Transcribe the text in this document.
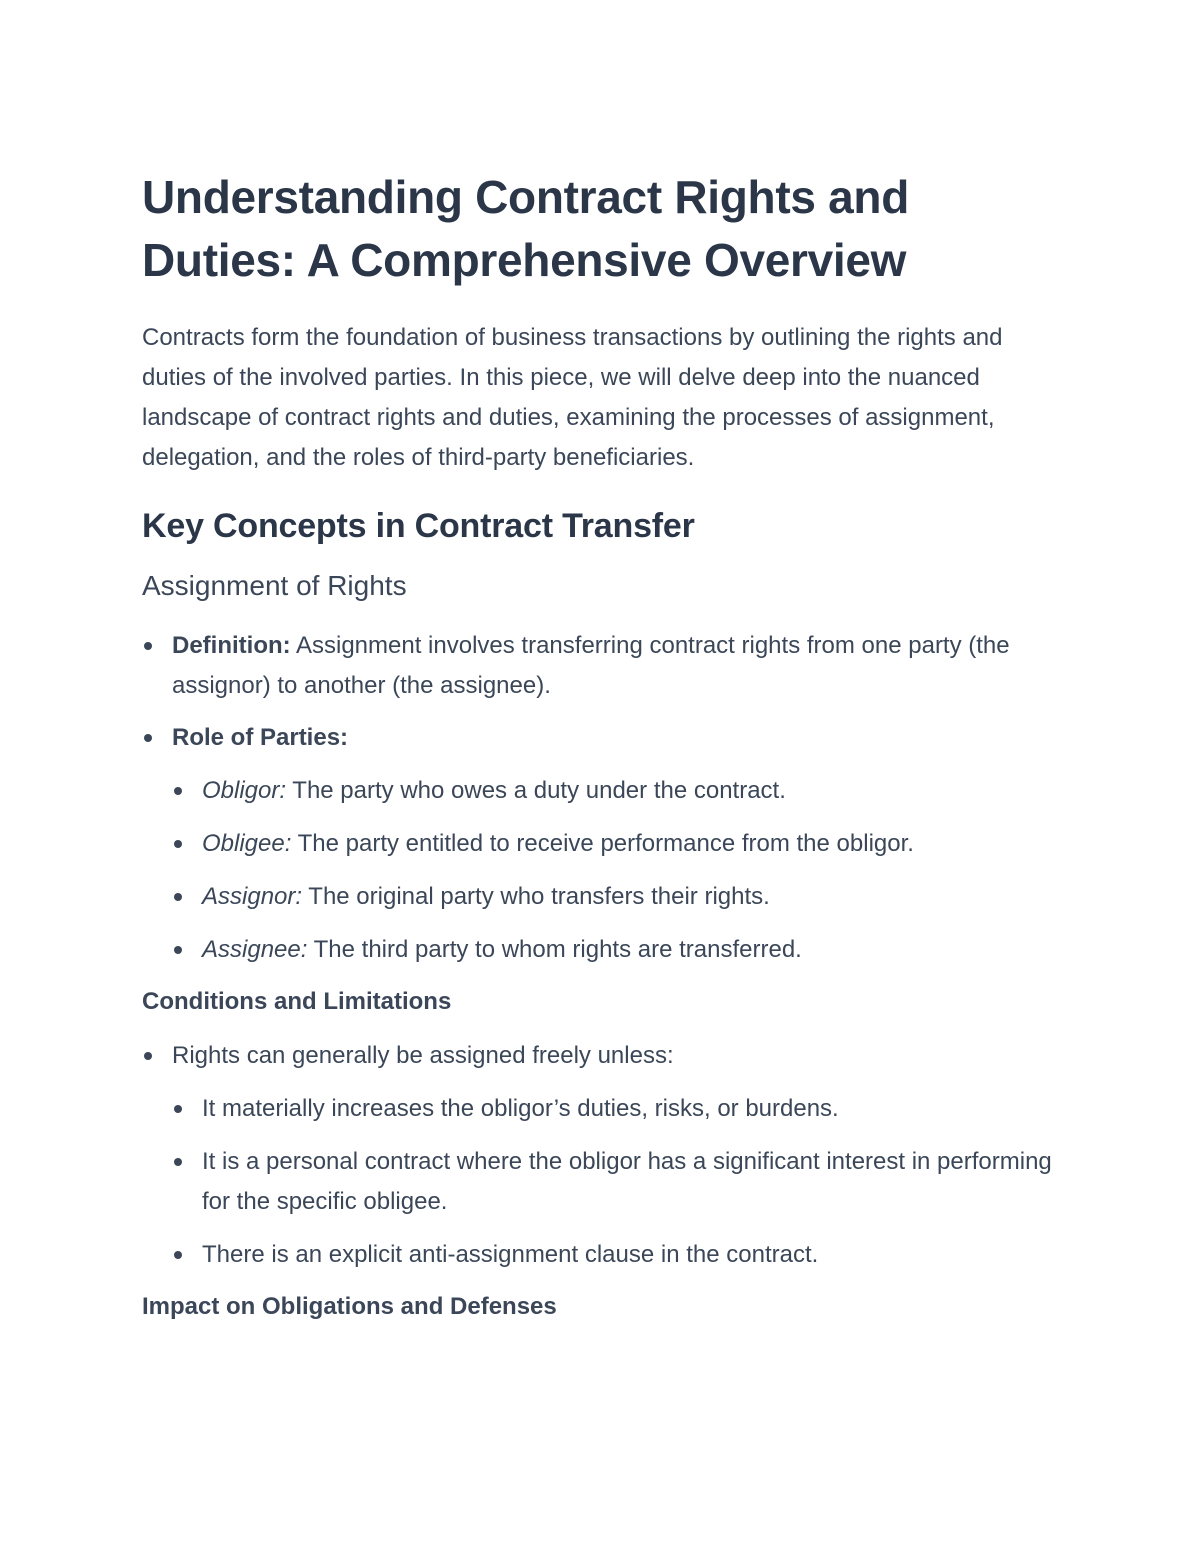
Understanding Contract Rights and Duties: A Comprehensive Overview

Contracts form the foundation of business transactions by outlining the rights and duties of the involved parties. In this piece, we will delve deep into the nuanced landscape of contract rights and duties, examining the processes of assignment, delegation, and the roles of third-party beneficiaries.

Key Concepts in Contract Transfer
Assignment of Rights
Definition: Assignment involves transferring contract rights from one party (the assignor) to another (the assignee).
Role of Parties:
Obligor: The party who owes a duty under the contract.
Obligee: The party entitled to receive performance from the obligor.
Assignor: The original party who transfers their rights.
Assignee: The third party to whom rights are transferred.
Conditions and Limitations
Rights can generally be assigned freely unless:
It materially increases the obligor’s duties, risks, or burdens.
It is a personal contract where the obligor has a significant interest in performing for the specific obligee.
There is an explicit anti-assignment clause in the contract.
Impact on Obligations and Defenses
